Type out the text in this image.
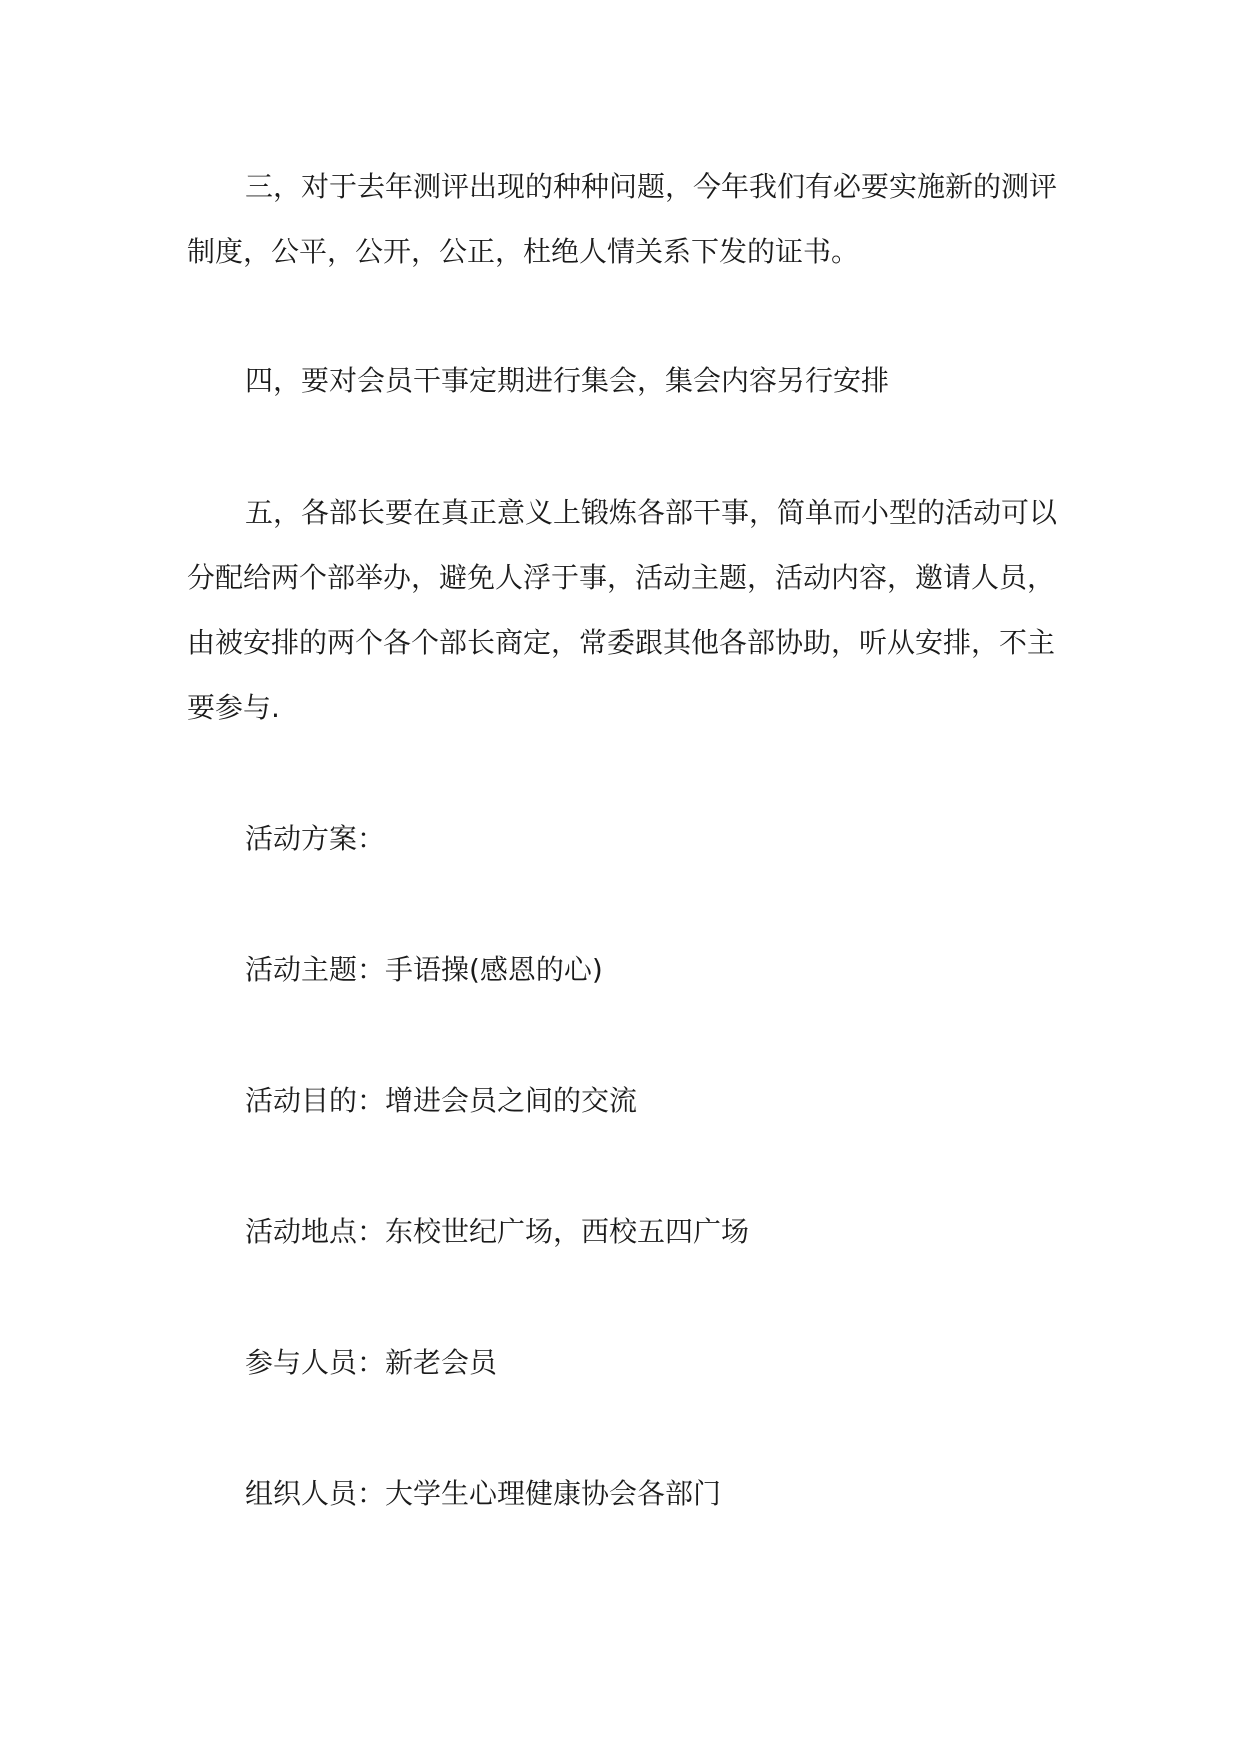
三，对于去年测评出现的种种问题，今年我们有必要实施新的测评制度，公平，公开，公正，杜绝人情关系下发的证书。

四，要对会员干事定期进行集会，集会内容另行安排

五，各部长要在真正意义上锻炼各部干事，简单而小型的活动可以分配给两个部举办，避免人浮于事，活动主题，活动内容，邀请人员，由被安排的两个各个部长商定，常委跟其他各部协助，听从安排，不主要参与.

活动方案：

活动主题：手语操(感恩的心)

活动目的：增进会员之间的交流

活动地点：东校世纪广场，西校五四广场

参与人员：新老会员

组织人员：大学生心理健康协会各部门
